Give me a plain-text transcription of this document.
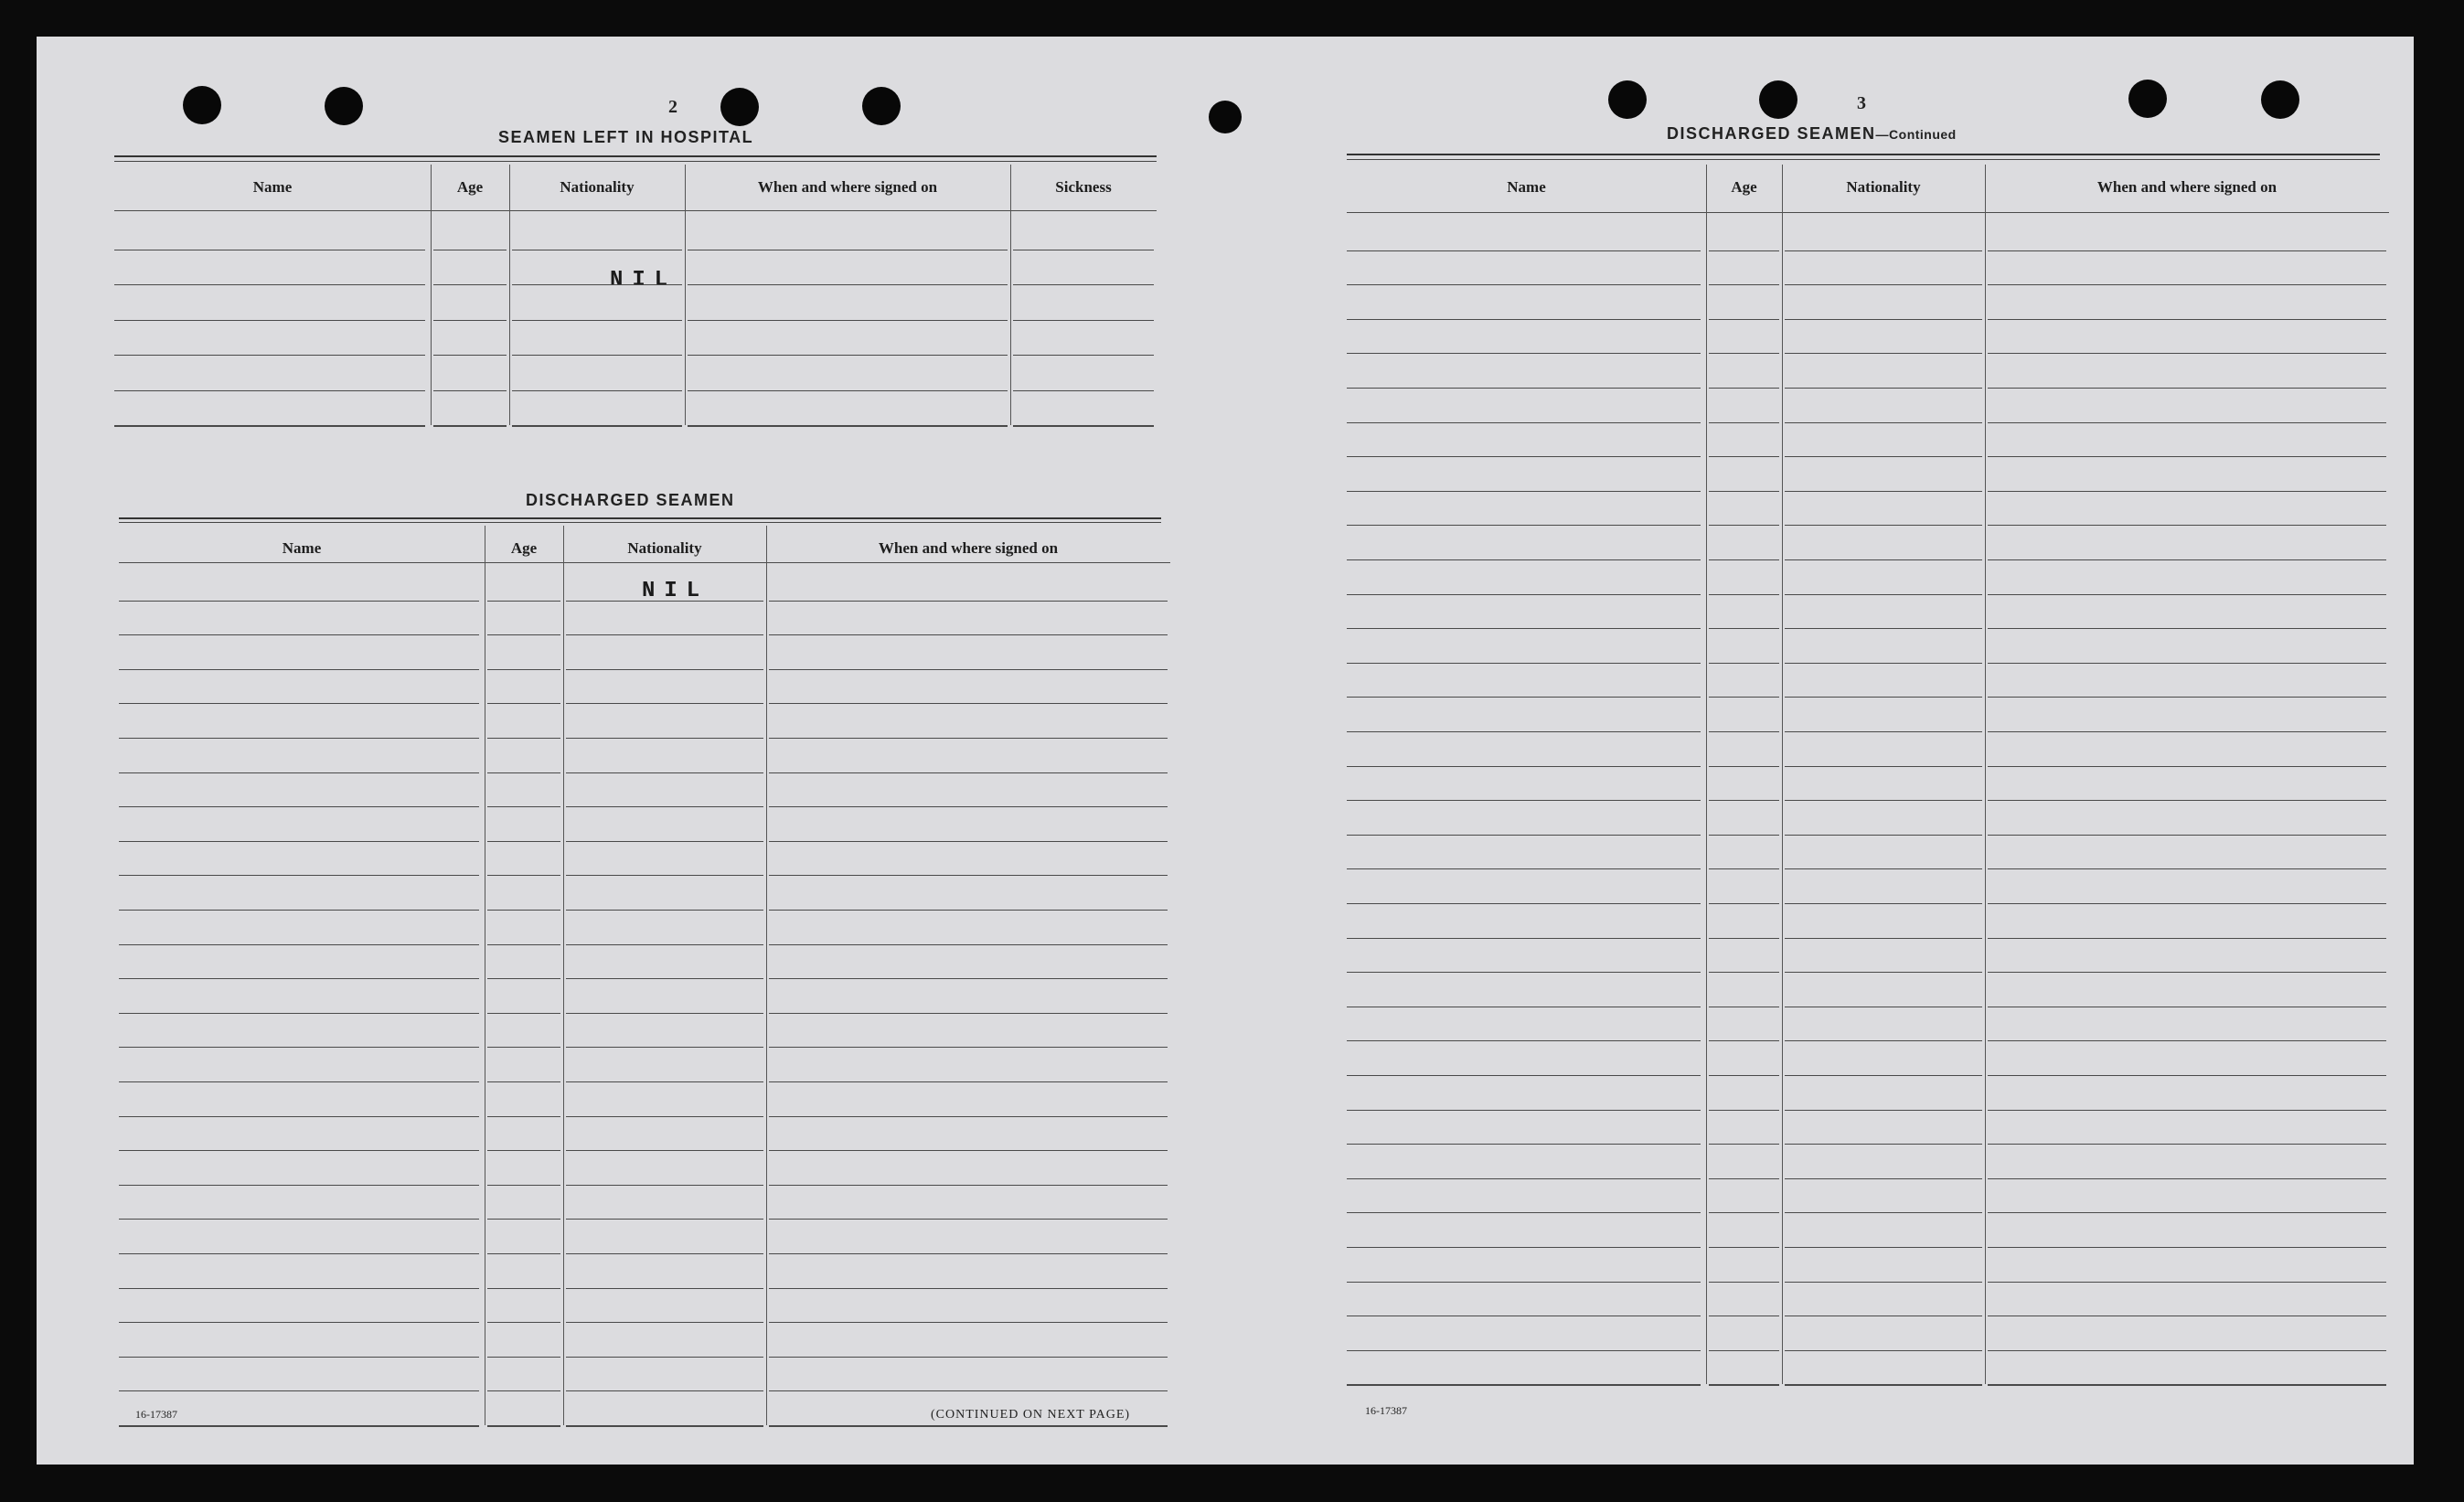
2
SEAMEN LEFT IN HOSPITAL
Name	Age	Nationality	When and where signed on	Sickness
NIL
DISCHARGED SEAMEN
Name	Age	Nationality	When and where signed on
NIL
16-17387	(CONTINUED ON NEXT PAGE)
3
DISCHARGED SEAMEN—Continued
Name	Age	Nationality	When and where signed on
16-17387
